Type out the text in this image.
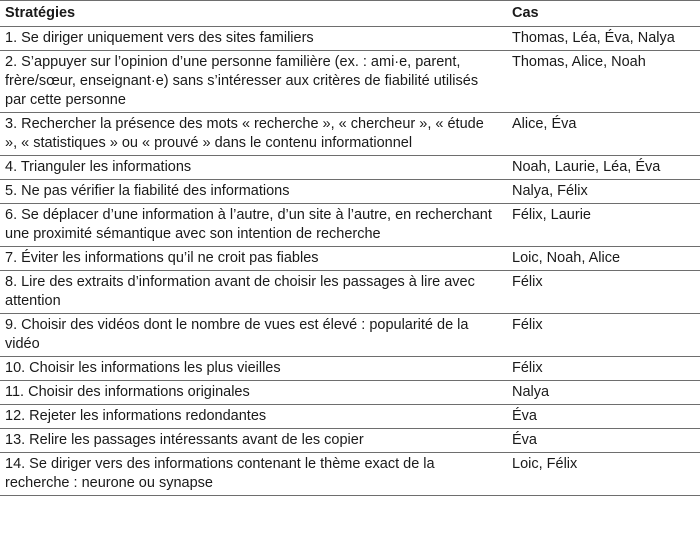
Stratégies	Cas
1. Se diriger uniquement vers des sites familiers	Thomas, Léa, Éva, Nalya
2. S’appuyer sur l’opinion d’une personne familière (ex. : ami·e, parent, frère/sœur, enseignant·e) sans s’intéresser aux critères de fiabilité utilisés par cette personne	Thomas, Alice, Noah
3. Rechercher la présence des mots « recherche », « chercheur », « étude », « statistiques » ou « prouvé » dans le contenu informationnel	Alice, Éva
4. Trianguler les informations	Noah, Laurie, Léa, Éva
5. Ne pas vérifier la fiabilité des informations	Nalya, Félix
6. Se déplacer d’une information à l’autre, d’un site à l’autre, en recherchant une proximité sémantique avec son intention de recherche	Félix, Laurie
7. Éviter les informations qu’il ne croit pas fiables	Loic, Noah, Alice
8. Lire des extraits d’information avant de choisir les passages à lire avec attention	Félix
9. Choisir des vidéos dont le nombre de vues est élevé : popularité de la vidéo	Félix
10. Choisir les informations les plus vieilles	Félix
11. Choisir des informations originales	Nalya
12. Rejeter les informations redondantes	Éva
13. Relire les passages intéressants avant de les copier	Éva
14. Se diriger vers des informations contenant le thème exact de la recherche : neurone ou synapse	Loic, Félix
